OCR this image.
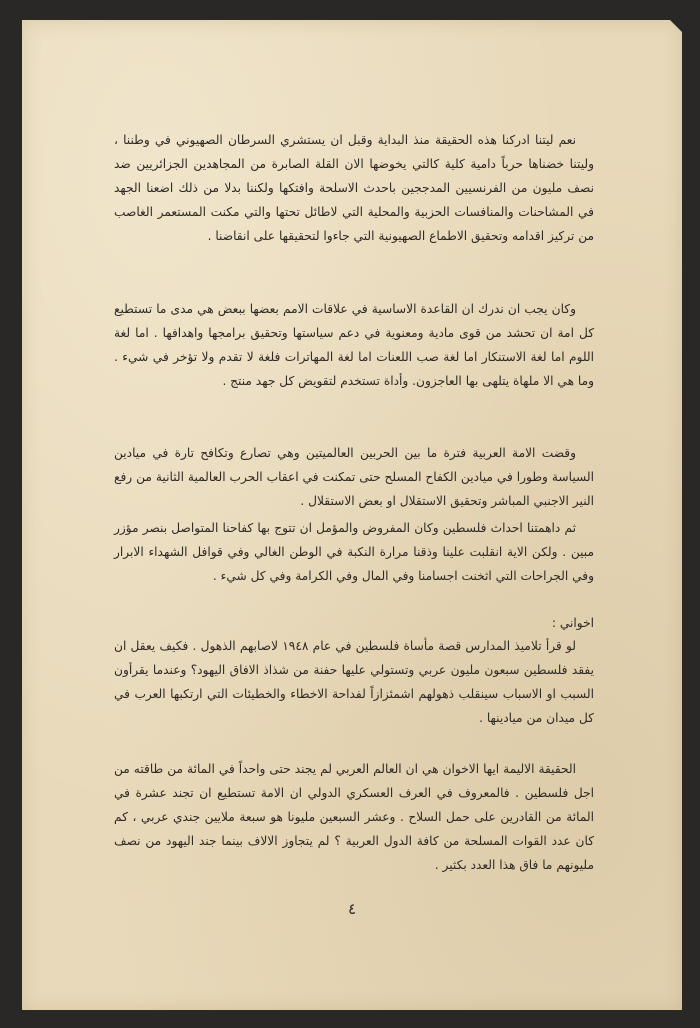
نعم ليتنا ادركنا هذه الحقيقة منذ البداية وقبل ان يستشري السرطان الصهيوني في وطننا ، وليتنا خضناها حرباً دامية كلية كالتي يخوضها الان القلة الصابرة من المجاهدين الجزائريين ضد نصف مليون من الفرنسيين المدججين باحدث الاسلحة وافتكها ولكننا بدلا من ذلك اضعنا الجهد في المشاحنات والمنافسات الحزبية والمحلية التي لاطائل تحتها والتي مكنت المستعمر الغاصب من تركيز اقدامه وتحقيق الاطماع الصهيونية التي جاءوا لتحقيقها على انقاضنا .

وكان يجب ان ندرك ان القاعدة الاساسية في علاقات الامم بعضها ببعض هي مدى ما تستطيع كل امة ان تحشد من قوى مادية ومعنوية في دعم سياستها وتحقيق برامجها واهدافها . اما لغة اللوم اما لغة الاستنكار اما لغة صب اللعنات اما لغة المهاترات فلغة لا تقدم ولا تؤخر في شيء . وما هي الا ملهاة يتلهى بها العاجزون. وأداة تستخدم لتقويض كل جهد منتج .

وقضت الامة العربية فترة ما بين الحربين العالميتين وهي تصارع وتكافح تارة في ميادين السياسة وطورا في ميادين الكفاح المسلح حتى تمكنت في اعقاب الحرب العالمية الثانية من رفع النير الاجنبي المباشر وتحقيق الاستقلال او بعض الاستقلال .

ثم داهمتنا احداث فلسطين وكان المفروض والمؤمل ان تتوج بها كفاحنا المتواصل بنصر مؤزر مبين . ولكن الاية انقلبت علينا وذقنا مرارة النكبة في الوطن الغالي وفي قوافل الشهداء الابرار وفي الجراحات التي اثخنت اجسامنا وفي المال وفي الكرامة وفي كل شيء .

اخواني :

لو قرأ تلاميذ المدارس قصة مأساة فلسطين في عام ١٩٤٨ لاصابهم الذهول . فكيف يعقل ان يفقد فلسطين سبعون مليون عربي وتستولي عليها حفنة من شذاذ الافاق اليهود؟ وعندما يقرأون السبب او الاسباب سينقلب ذهولهم اشمئزازاً لفداحة الاخطاء والخطيئات التي ارتكبها العرب في كل ميدان من ميادينها .

الحقيقة الاليمة ايها الاخوان هي ان العالم العربي لم يجند حتى واحداً في المائة من طاقته من اجل فلسطين . فالمعروف في العرف العسكري الدولي ان الامة تستطيع ان تجند عشرة في المائة من القادرين على حمل السلاح . وعشر السبعين مليونا هو سبعة ملايين جندي عربي ، كم كان عدد القوات المسلحة من كافة الدول العربية ؟ لم يتجاوز الالاف بينما جند اليهود من نصف مليونهم ما فاق هذا العدد بكثير .

٤
